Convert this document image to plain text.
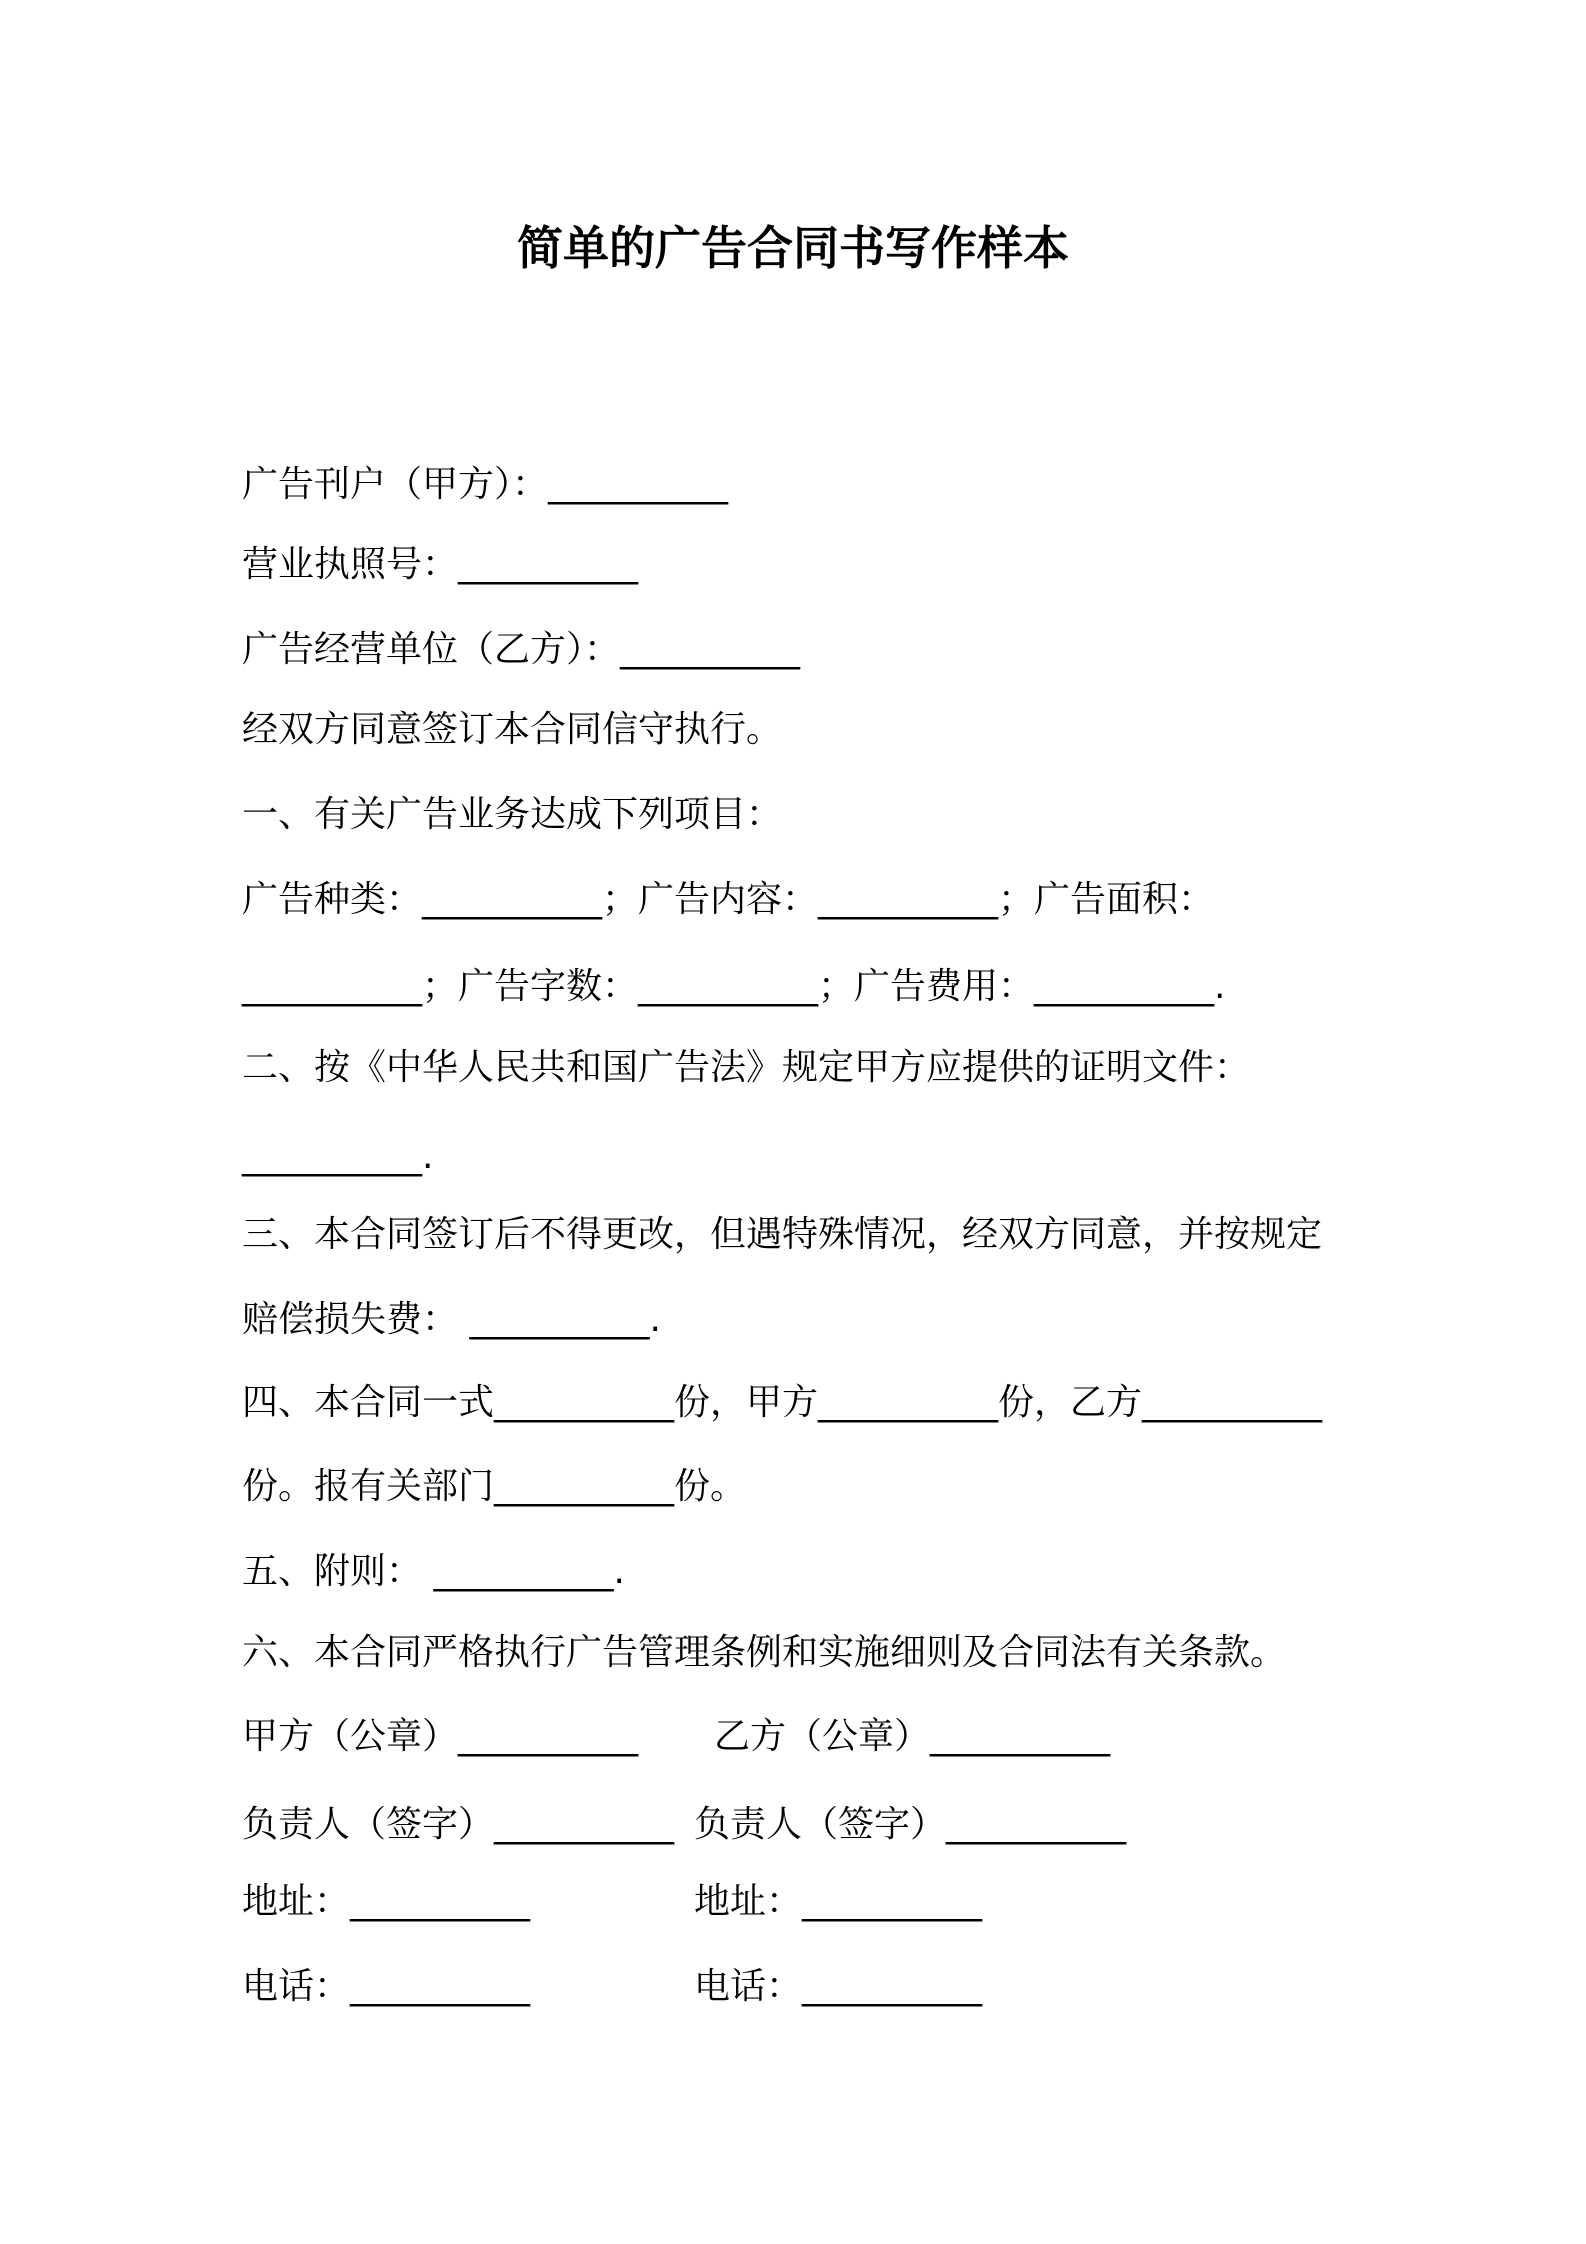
简单的广告合同书写作样本
广告刊户（甲方）：__________
营业执照号：__________
广告经营单位（乙方）：__________
经双方同意签订本合同信守执行。
一、有关广告业务达成下列项目：
广告种类：__________；广告内容：__________；广告面积：
__________；广告字数：__________；广告费用：__________.
二、按《中华人民共和国广告法》规定甲方应提供的证明文件：
__________.
三、本合同签订后不得更改，但遇特殊情况，经双方同意，并按规定
赔偿损失费： __________.
四、本合同一式__________份，甲方__________份，乙方__________
份。报有关部门__________份。
五、附则： __________.
六、本合同严格执行广告管理条例和实施细则及合同法有关条款。
甲方（公章）__________ 乙方（公章）__________
负责人（签字）__________ 负责人（签字）__________
地址：__________	地址：__________
电话：__________	电话：__________
